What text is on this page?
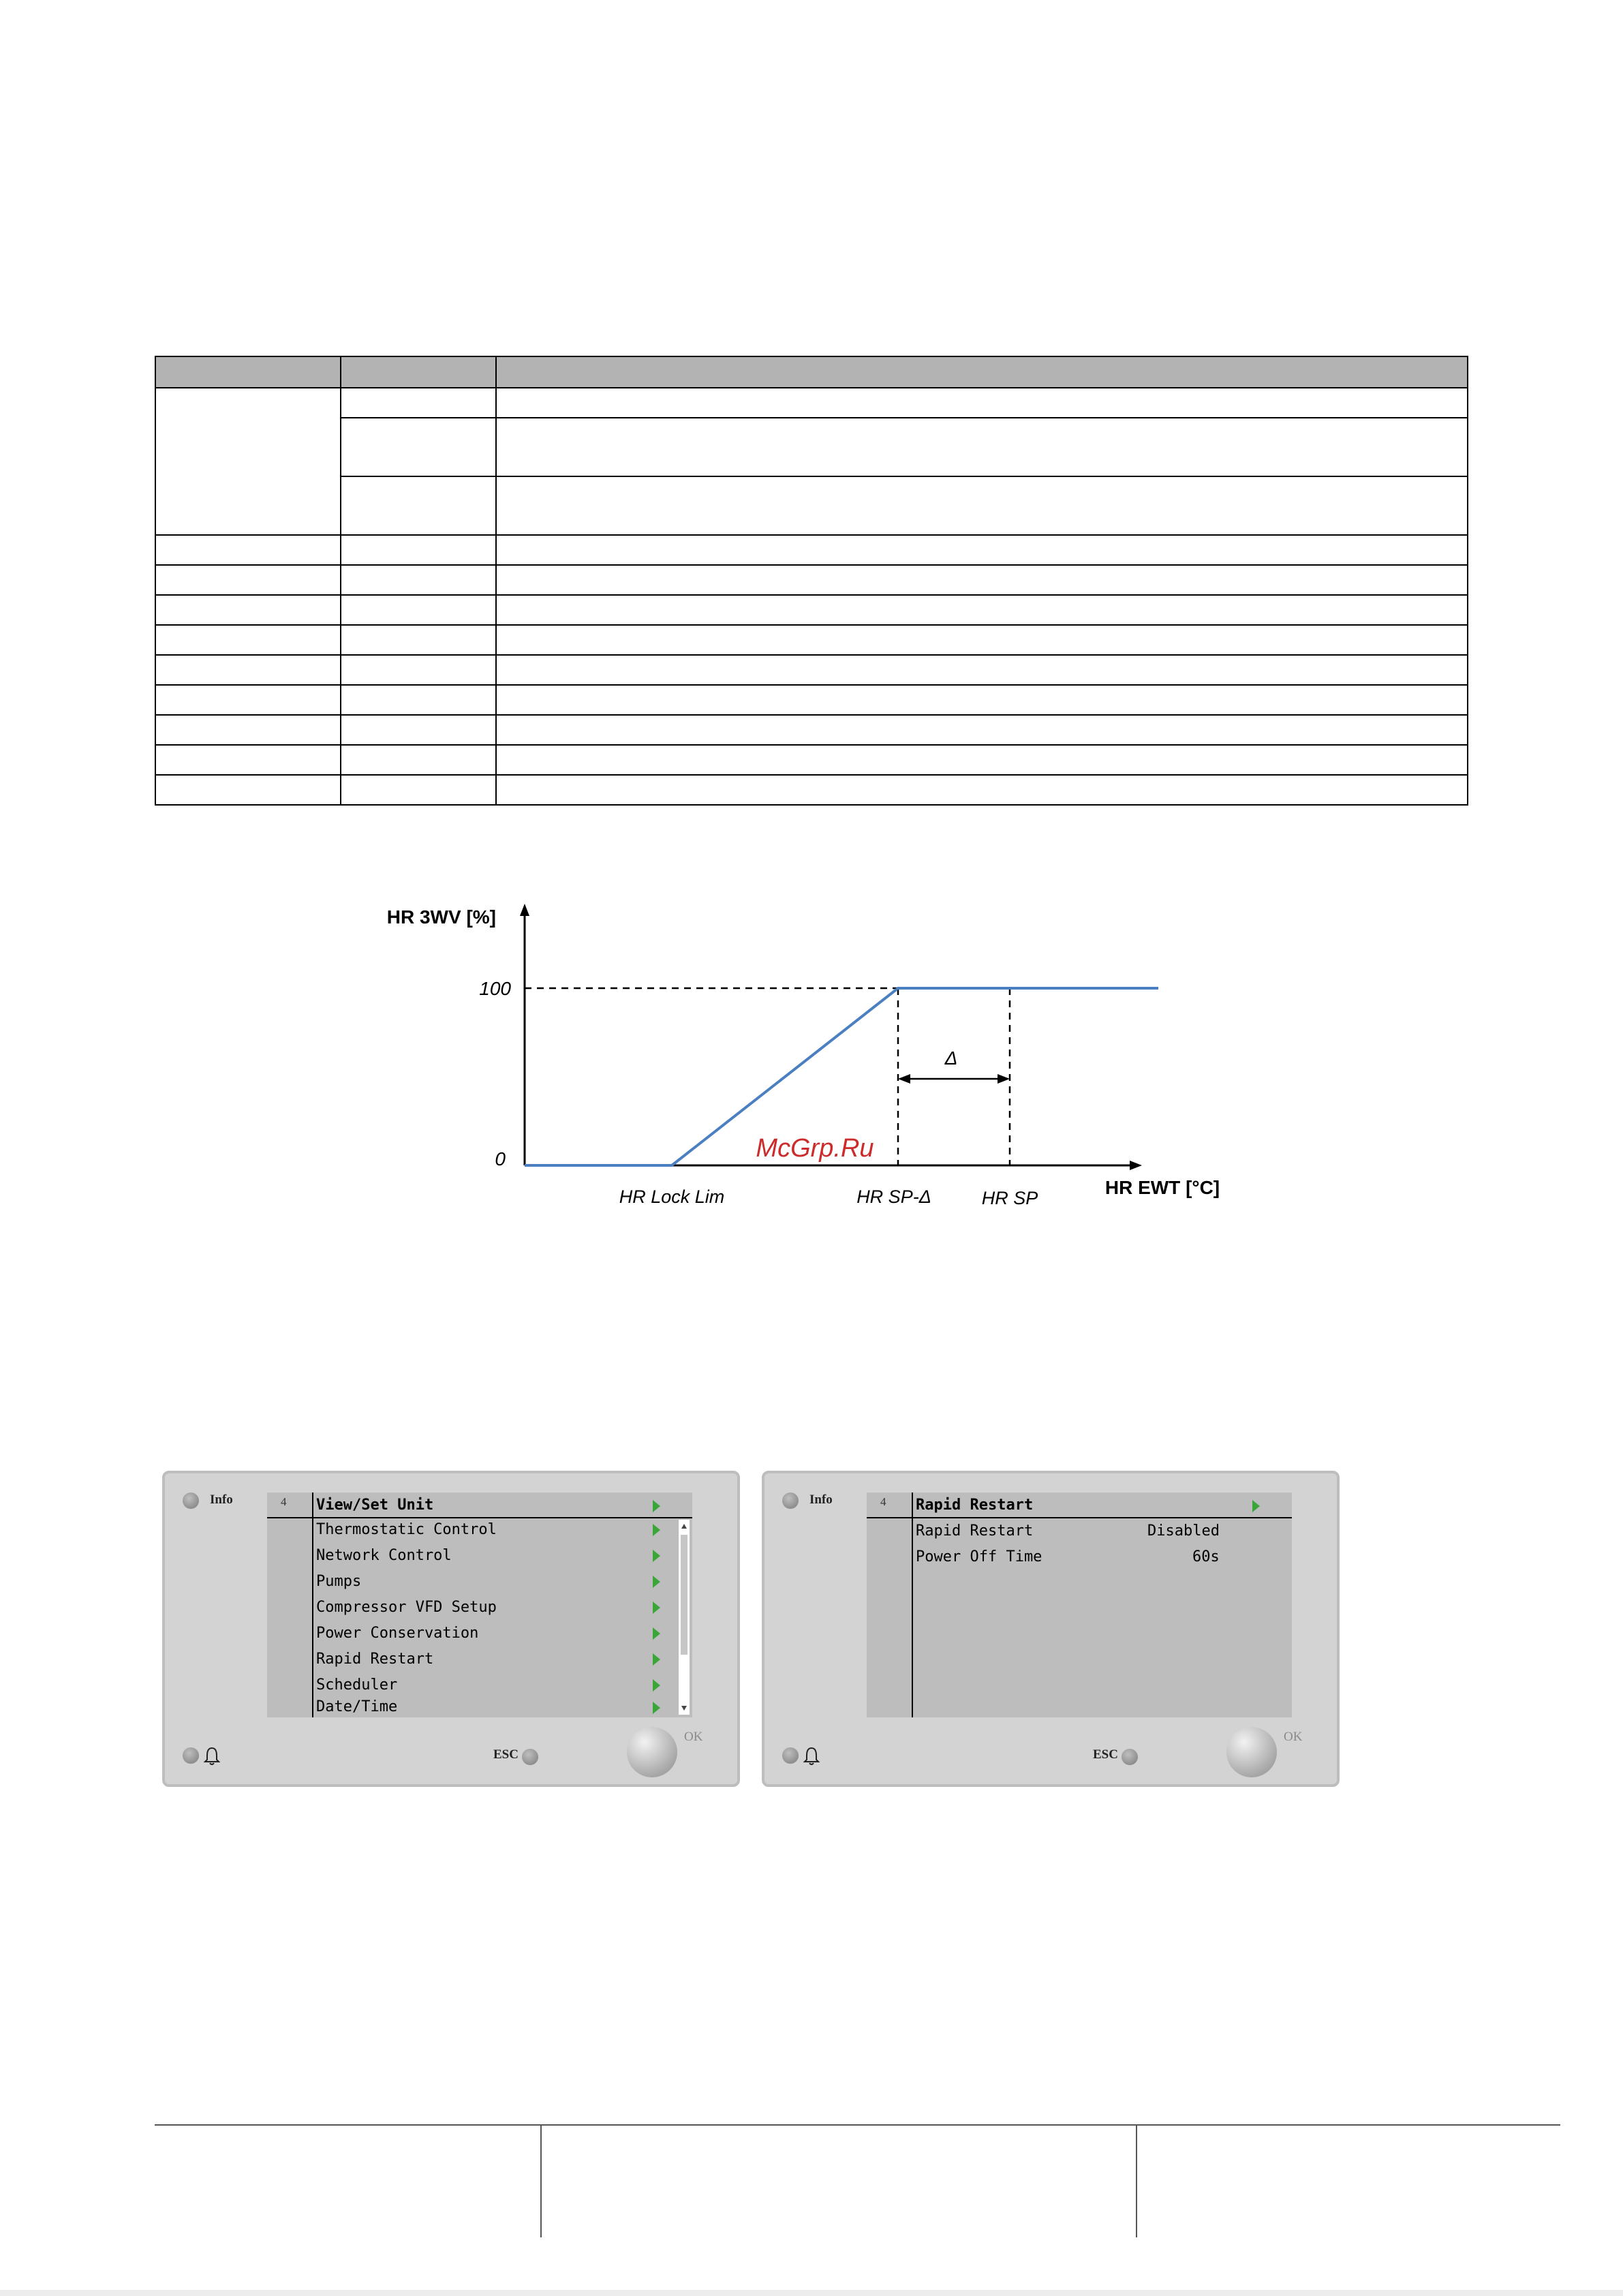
Δ
HR 3WV [%]
100
0
HR Lock Lim	HR SP-Δ	HR SP	HR EWT [°C]
McGrp.Ru
Info	4 View/Set Unit
Thermostatic Control
Network Control
Pumps
Compressor VFD Setup
Power Conservation
Rapid Restart
Scheduler
Date/Time
ESC
OK
Info	4 Rapid Restart
Rapid Restart	Disabled
Power Off Time	60s
ESC
OK
